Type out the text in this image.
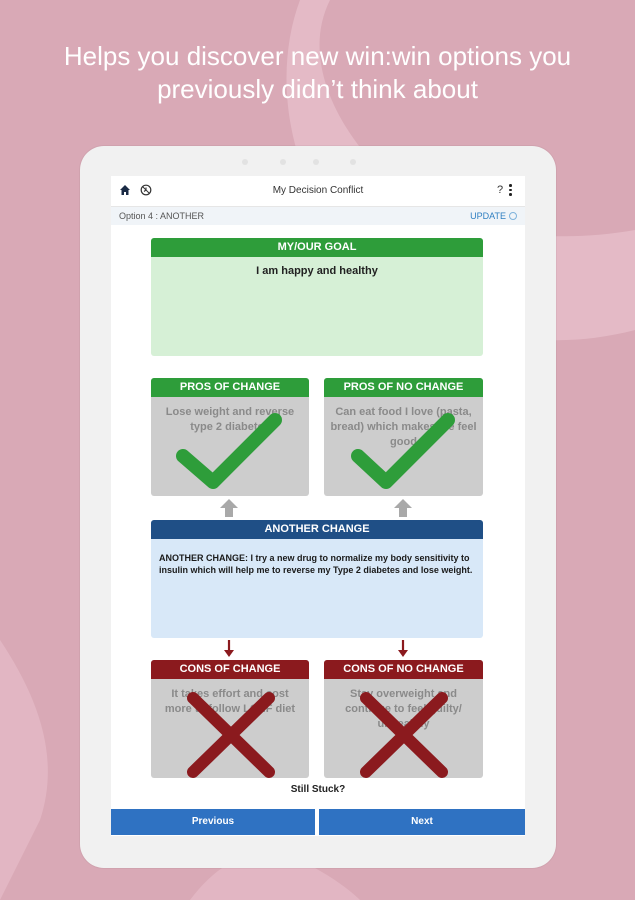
Helps you discover new win:win options you
previously didn’t think about
My Decision Conflict	?
Option 4 : ANOTHER	UPDATE
MY/OUR GOAL
I am happy and healthy
PROS OF CHANGE
Lose weight and reverse type 2 diabetes
PROS OF NO CHANGE
Can eat food I love (pasta, bread) which makes me feel good
ANOTHER CHANGE
ANOTHER CHANGE: I try a new drug to normalize my body sensitivity to insulin which will help me to reverse my Type 2 diabetes and lose weight.
CONS OF CHANGE
It takes effort and cost more to follow LCHF diet
CONS OF NO CHANGE
Stay overweight and continue to feel guilty/ unhealthy
Still Stuck?
Previous	Next
